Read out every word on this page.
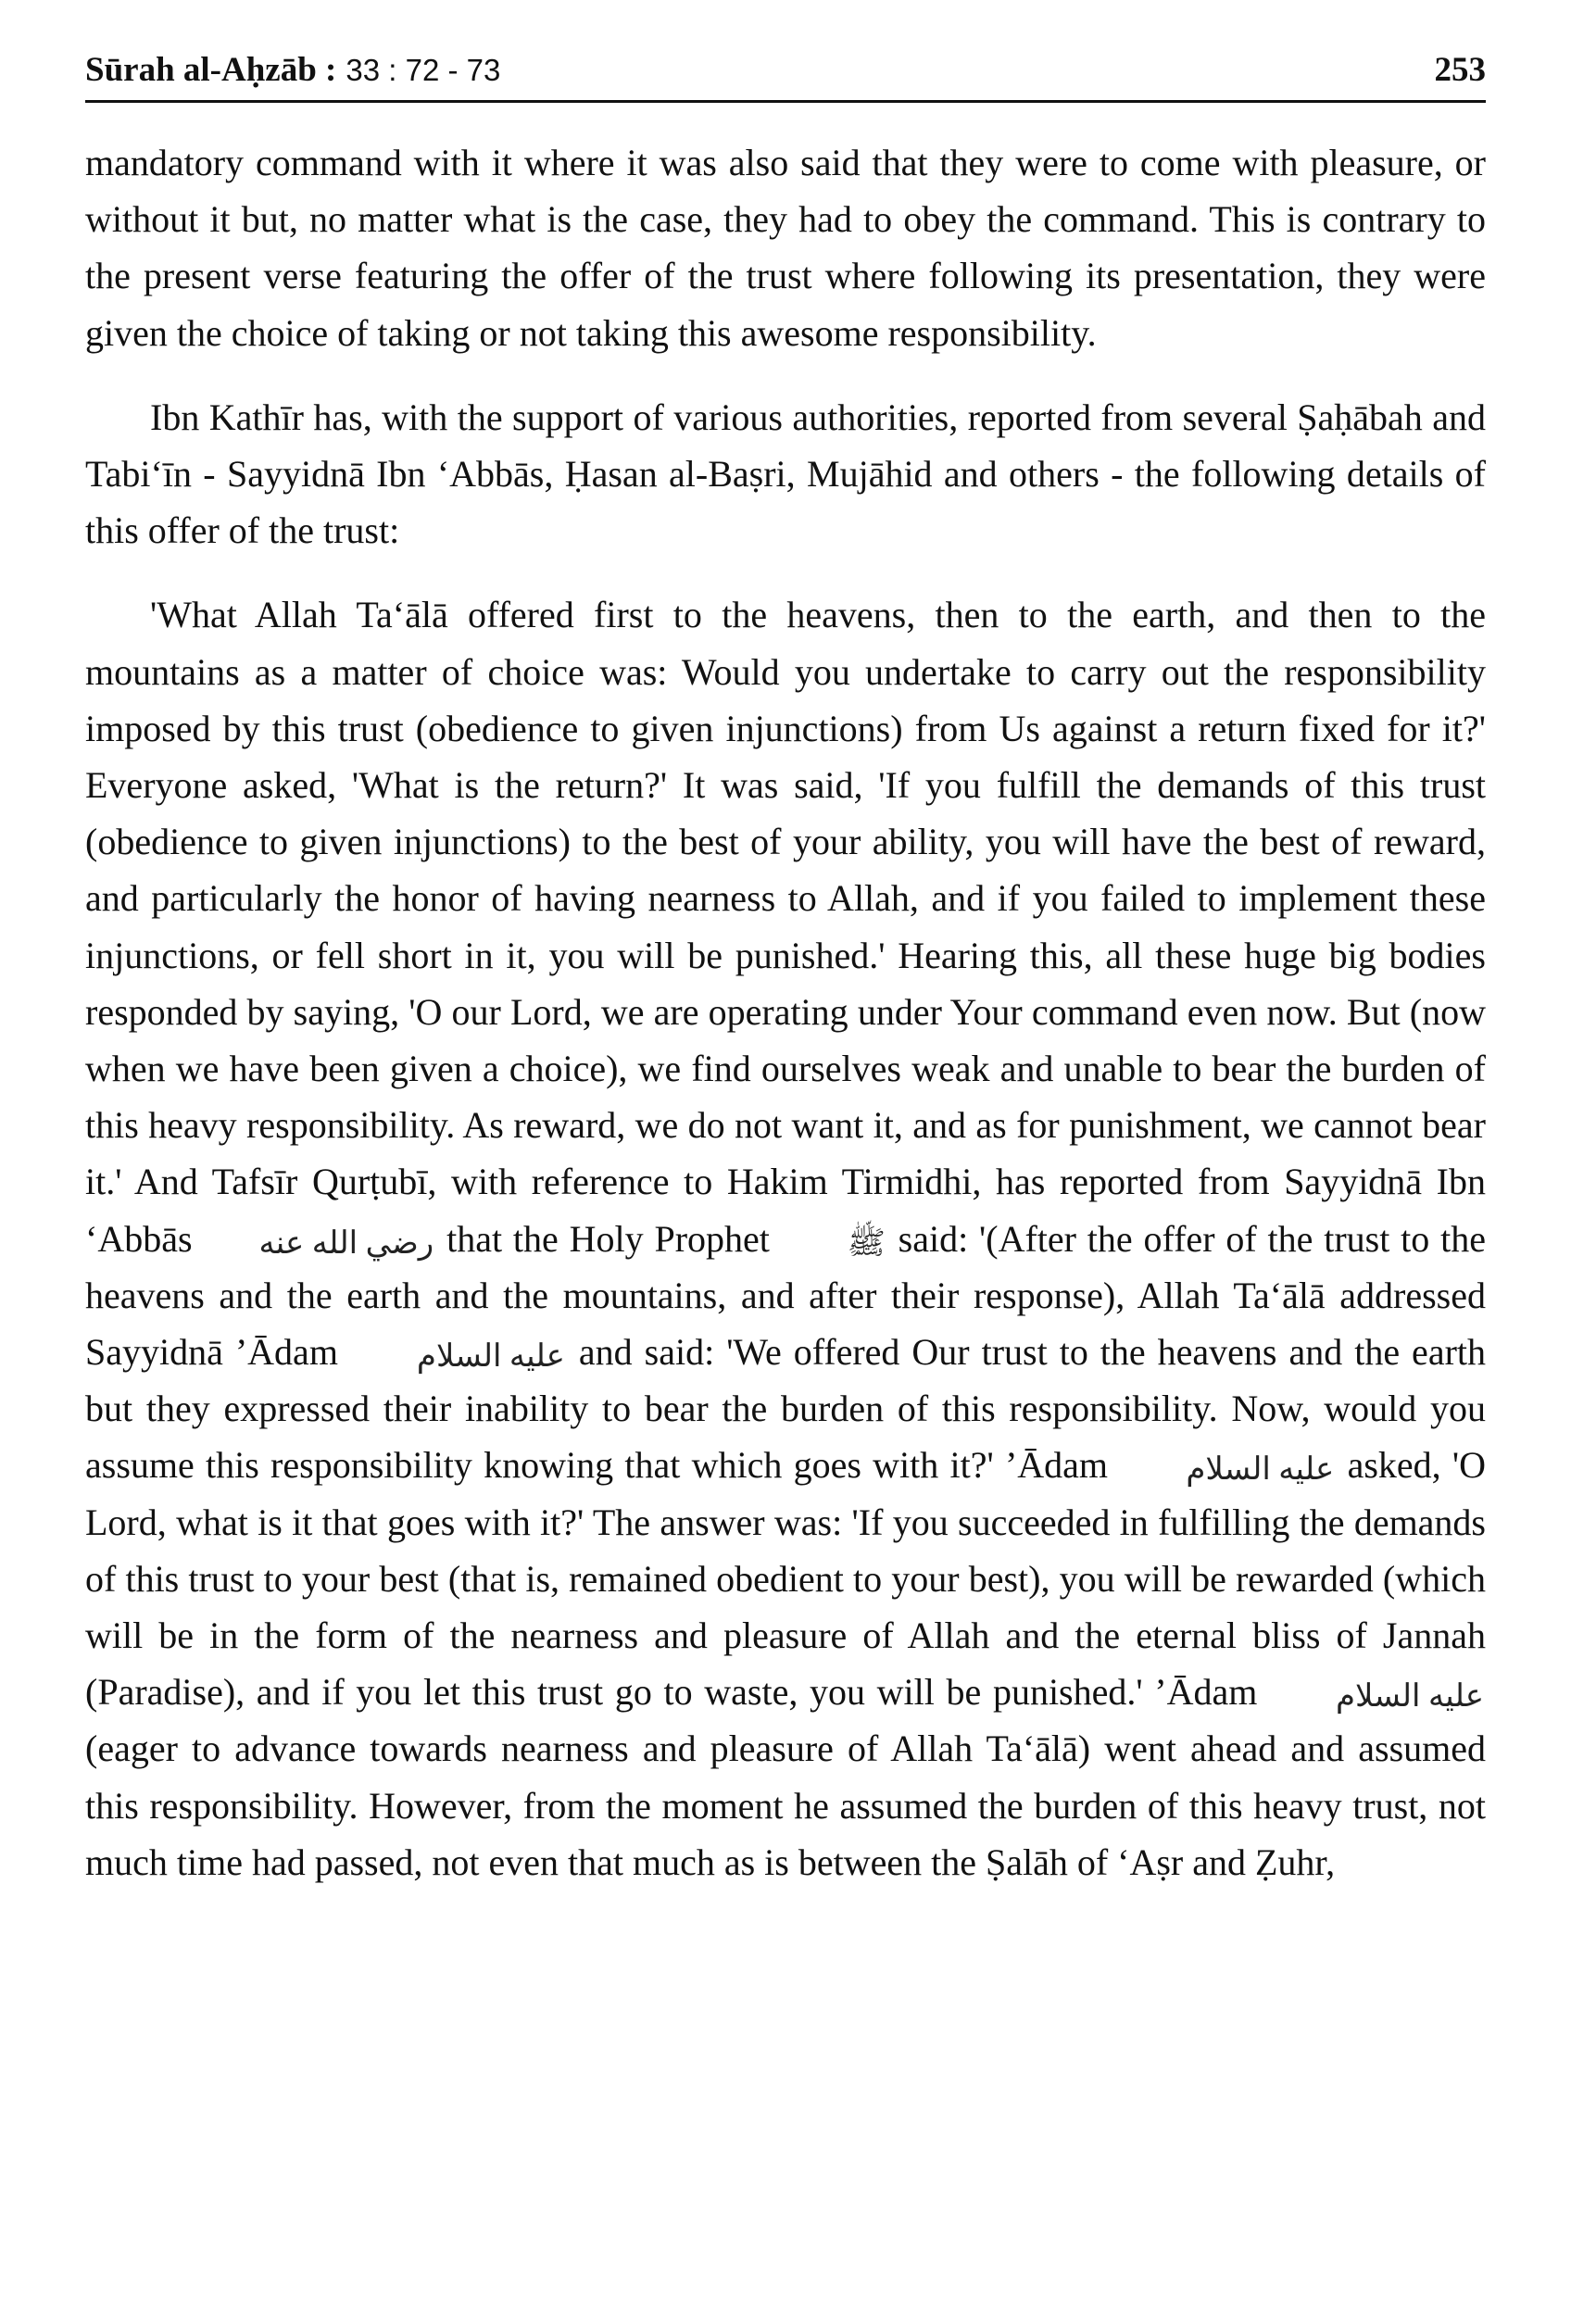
Sūrah al-Aḥzāb : 33 : 72 - 73	253

mandatory command with it where it was also said that they were to come with pleasure, or without it but, no matter what is the case, they had to obey the command. This is contrary to the present verse featuring the offer of the trust where following its presentation, they were given the choice of taking or not taking this awesome responsibility.

Ibn Kathīr has, with the support of various authorities, reported from several Ṣaḥābah and Tabi‘īn - Sayyidnā Ibn ‘Abbās, Ḥasan al-Baṣri, Mujāhid and others - the following details of this offer of the trust:

'What Allah Ta‘ālā offered first to the heavens, then to the earth, and then to the mountains as a matter of choice was: Would you undertake to carry out the responsibility imposed by this trust (obedience to given injunctions) from Us against a return fixed for it?' Everyone asked, 'What is the return?' It was said, 'If you fulfill the demands of this trust (obedience to given injunctions) to the best of your ability, you will have the best of reward, and particularly the honor of having nearness to Allah, and if you failed to implement these injunctions, or fell short in it, you will be punished.' Hearing this, all these huge big bodies responded by saying, 'O our Lord, we are operating under Your command even now. But (now when we have been given a choice), we find ourselves weak and unable to bear the burden of this heavy responsibility. As reward, we do not want it, and as for punishment, we cannot bear it.' And Tafsīr Qurṭubī, with reference to Hakim Tirmidhi, has reported from Sayyidnā Ibn ‘Abbās رضي الله عنه that the Holy Prophet ﷺ said: '(After the offer of the trust to the heavens and the earth and the mountains, and after their response), Allah Ta‘ālā addressed Sayyidnā ’Ādam عليه السلام and said: 'We offered Our trust to the heavens and the earth but they expressed their inability to bear the burden of this responsibility. Now, would you assume this responsibility knowing that which goes with it?' ’Ādam عليه السلام asked, 'O Lord, what is it that goes with it?' The answer was: 'If you succeeded in fulfilling the demands of this trust to your best (that is, remained obedient to your best), you will be rewarded (which will be in the form of the nearness and pleasure of Allah and the eternal bliss of Jannah (Paradise), and if you let this trust go to waste, you will be punished.' ’Ādam عليه السلام (eager to advance towards nearness and pleasure of Allah Ta‘ālā) went ahead and assumed this responsibility. However, from the moment he assumed the burden of this heavy trust, not much time had passed, not even that much as is between the Ṣalāh of ‘Aṣr and Ẓuhr,
